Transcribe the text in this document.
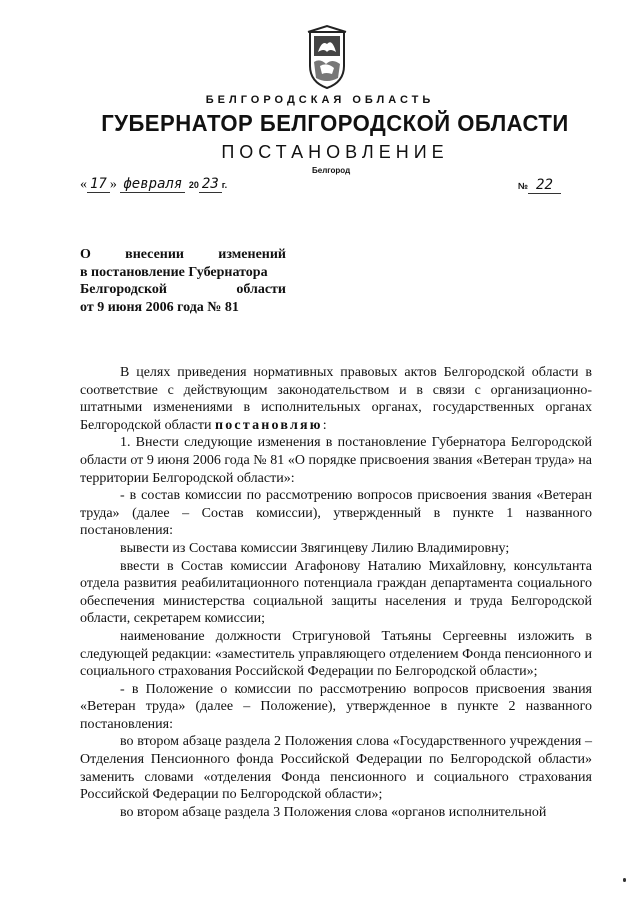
БЕЛГОРОДСКАЯ ОБЛАСТЬ
ГУБЕРНАТОР БЕЛГОРОДСКОЙ ОБЛАСТИ
ПОСТАНОВЛЕНИЕ
Белгород
« 17 » февраля 20 23 г.	№ 22
О внесении изменений
в постановление Губернатора
Белгородской области
от 9 июня 2006 года № 81

В целях приведения нормативных правовых актов Белгородской области в соответствие с действующим законодательством и в связи с организационно-штатными изменениями в исполнительных органах, государственных органах Белгородской области постановляю:

1. Внести следующие изменения в постановление Губернатора Белгородской области от 9 июня 2006 года № 81 «О порядке присвоения звания «Ветеран труда» на территории Белгородской области»:

- в состав комиссии по рассмотрению вопросов присвоения звания «Ветеран труда» (далее – Состав комиссии), утвержденный в пункте 1 названного постановления:

вывести из Состава комиссии Звягинцеву Лилию Владимировну;

ввести в Состав комиссии Агафонову Наталию Михайловну, консультанта отдела развития реабилитационного потенциала граждан департамента социального обеспечения министерства социальной защиты населения и труда Белгородской области, секретарем комиссии;

наименование должности Стригуновой Татьяны Сергеевны изложить в следующей редакции: «заместитель управляющего отделением Фонда пенсионного и социального страхования Российской Федерации по Белгородской области»;

- в Положение о комиссии по рассмотрению вопросов присвоения звания «Ветеран труда» (далее – Положение), утвержденное в пункте 2 названного постановления:

во втором абзаце раздела 2 Положения слова «Государственного учреждения – Отделения Пенсионного фонда Российской Федерации по Белгородской области» заменить словами «отделения Фонда пенсионного и социального страхования Российской Федерации по Белгородской области»;

во втором абзаце раздела 3 Положения слова «органов исполнительной
